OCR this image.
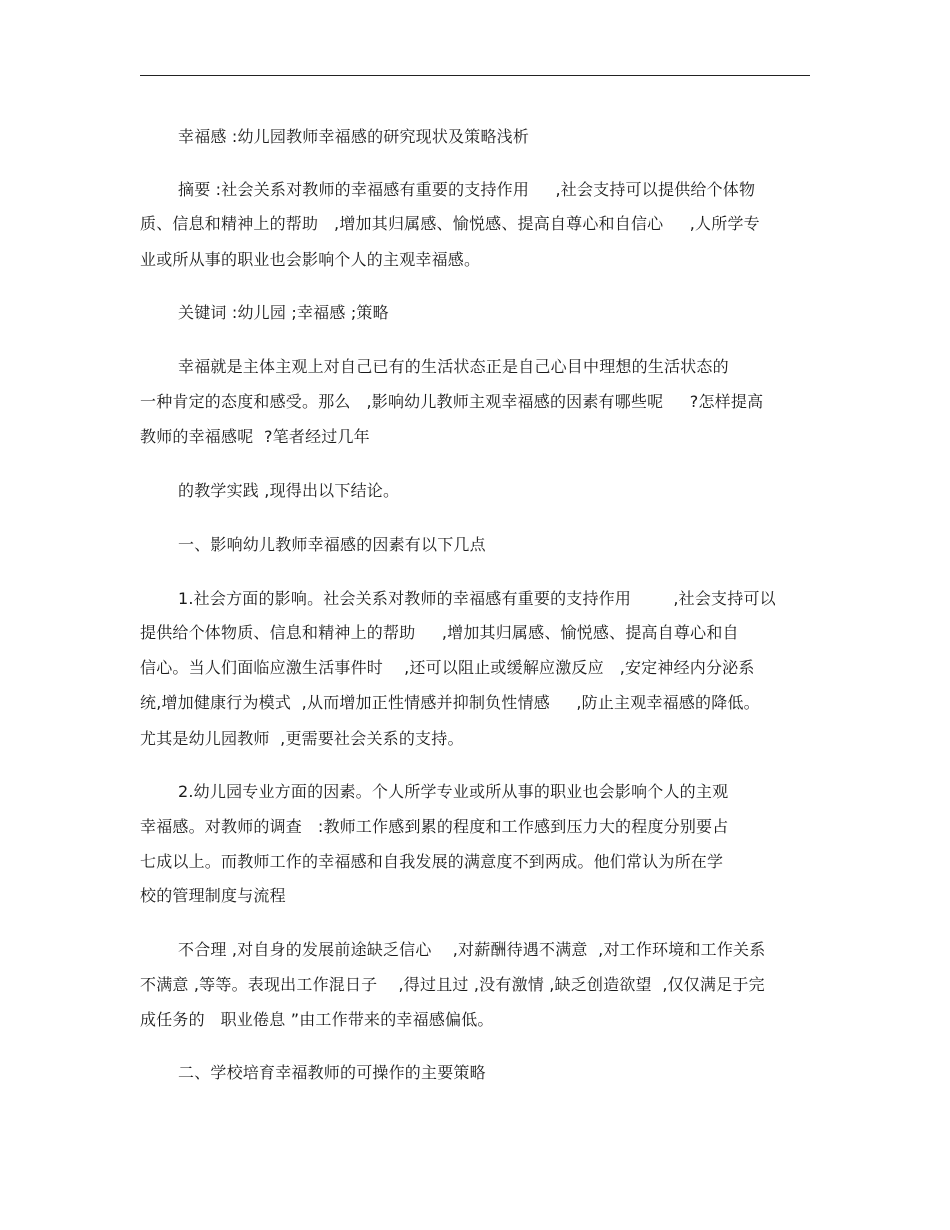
幸福感 :幼儿园教师幸福感的研究现状及策略浅析
摘要 :社会关系对教师的幸福感有重要的支持作用     ,社会支持可以提供给个体物
质、信息和精神上的帮助   ,增加其归属感、愉悦感、提高自尊心和自信心     ,人所学专
业或所从事的职业也会影响个人的主观幸福感。
关键词 :幼儿园 ;幸福感 ;策略
幸福就是主体主观上对自己已有的生活状态正是自己心目中理想的生活状态的
一种肯定的态度和感受。那么   ,影响幼儿教师主观幸福感的因素有哪些呢     ?怎样提高
教师的幸福感呢  ?笔者经过几年
的教学实践 ,现得出以下结论。
一、影响幼儿教师幸福感的因素有以下几点
1.社会方面的影响。社会关系对教师的幸福感有重要的支持作用        ,社会支持可以
提供给个体物质、信息和精神上的帮助     ,增加其归属感、愉悦感、提高自尊心和自
信心。当人们面临应激生活事件时    ,还可以阻止或缓解应激反应   ,安定神经内分泌系
统,增加健康行为模式  ,从而增加正性情感并抑制负性情感     ,防止主观幸福感的降低。
尤其是幼儿园教师  ,更需要社会关系的支持。
2.幼儿园专业方面的因素。个人所学专业或所从事的职业也会影响个人的主观
幸福感。对教师的调查   :教师工作感到累的程度和工作感到压力大的程度分别要占
七成以上。而教师工作的幸福感和自我发展的满意度不到两成。他们常认为所在学
校的管理制度与流程
不合理 ,对自身的发展前途缺乏信心    ,对薪酬待遇不满意  ,对工作环境和工作关系
不满意 ,等等。表现出工作混日子    ,得过且过 ,没有激情 ,缺乏创造欲望  ,仅仅满足于完
成任务的   职业倦息 ”由工作带来的幸福感偏低。
二、学校培育幸福教师的可操作的主要策略
